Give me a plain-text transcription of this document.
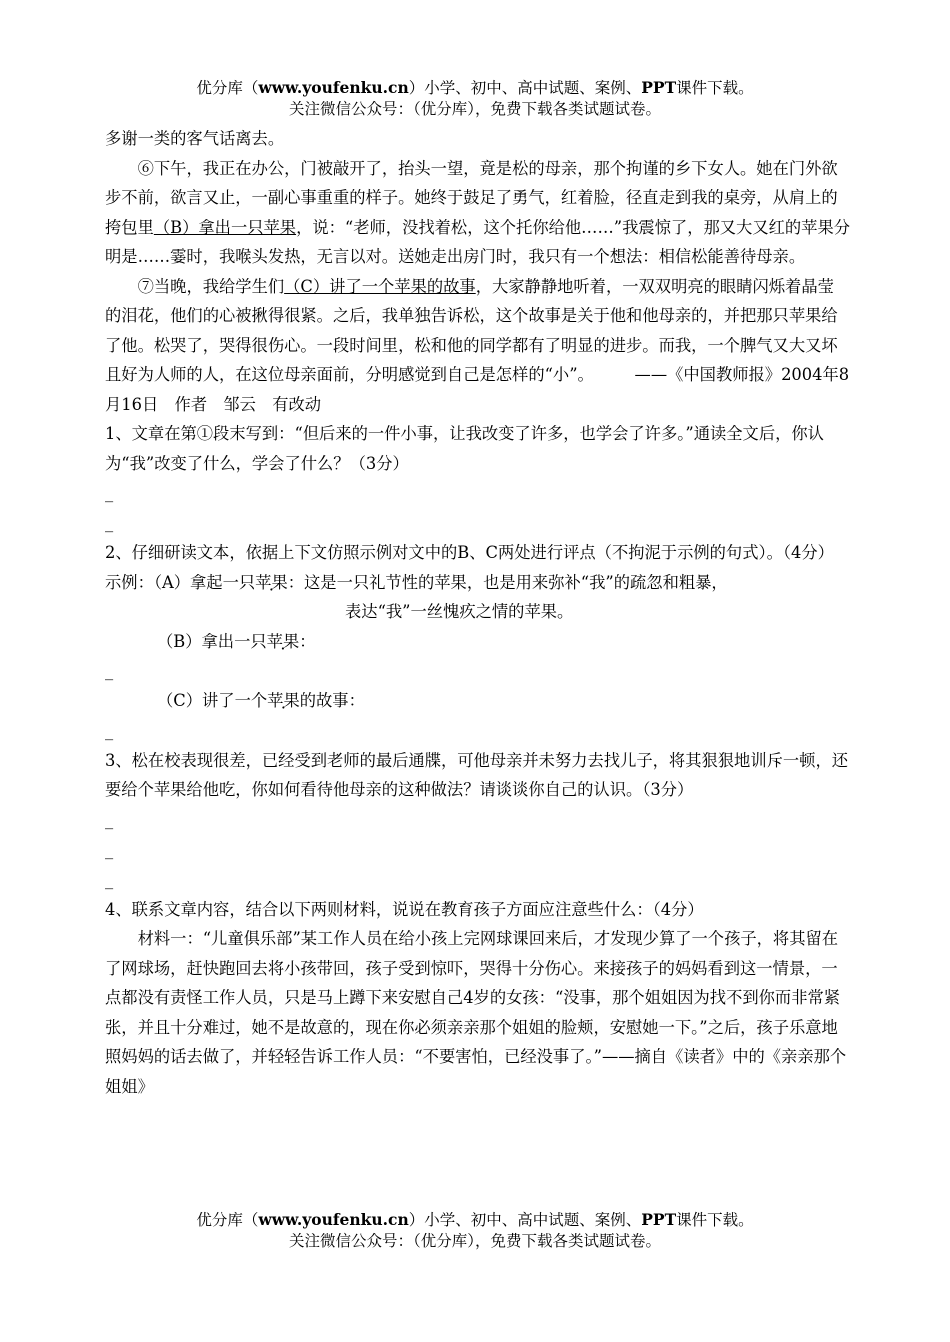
优分库（www.youfenku.cn）小学、初中、高中试题、案例、PPT课件下载。
关注微信公众号：（优分库），免费下载各类试题试卷。

多谢一类的客气话离去。

⑥下午，我正在办公，门被敲开了，抬头一望，竟是松的母亲，那个拘谨的乡下女人。她在门外欲步不前，欲言又止，一副心事重重的样子。她终于鼓足了勇气，红着脸，径直走到我的桌旁，从肩上的挎包里（B）拿出一只苹果，说：“老师，没找着松，这个托你给他……”我震惊了，那又大又红的苹果分明是……霎时，我喉头发热，无言以对。送她走出房门时，我只有一个想法：相信松能善待母亲。

⑦当晚，我给学生们（C）讲了一个苹果的故事，大家静静地听着，一双双明亮的眼睛闪烁着晶莹的泪花，他们的心被揪得很紧。之后，我单独告诉松，这个故事是关于他和他母亲的，并把那只苹果给了他。松哭了，哭得很伤心。一段时间里，松和他的同学都有了明显的进步。而我，一个脾气又大又坏且好为人师的人，在这位母亲面前，分明感觉到自己是怎样的“小”。　　　	——《中国教师报》2004年8月16日　作者　邹云　有改动

1、文章在第①段末写到：“但后来的一件小事，让我改变了许多，也学会了许多。”通读全文后，你认为“我”改变了什么，学会了什么？（3分）

_
_

2、仔细研读文本，依据上下文仿照示例对文中的B、C两处进行评点（不拘泥于示例的句式）。（4分）

示例：（A）拿起一只苹果 ·：这是一只礼节性的苹果，也是用来弥补“我”的疏忽和粗暴，

表达“我”一丝愧疚之情的苹果。

（B）拿出一只苹果 ·：

_

（C）讲了一个苹果 ·的故事：

_

3、松在校表现很差，已经受到老师的最后通牒，可他母亲并未努力去找儿子，将其狠狠地训斥一顿，还要给个苹果给他吃，你如何看待他母亲的这种做法？请谈谈你自己的认识。（3分）

_
_
_

4、联系文章内容，结合以下两则材料，说说在教育孩子方面应注意些什么：（4分）

材料一：“儿童俱乐部”某工作人员在给小孩上完网球课回来后，才发现少算了一个孩子，将其留在了网球场，赶快跑回去将小孩带回，孩子受到惊吓，哭得十分伤心。来接孩子的妈妈看到这一情景，一点都没有责怪工作人员，只是马上蹲下来安慰自己4岁的女孩：“没事，那个姐姐因为找不到你而非常紧张，并且十分难过，她不是故意的，现在你必须亲亲那个姐姐的脸颊，安慰她一下。”之后，孩子乐意地照妈妈的话去做了，并轻轻告诉工作人员：“不要害怕，已经没事了。”——摘自《读者》中的《亲亲那个姐姐》

优分库（www.youfenku.cn）小学、初中、高中试题、案例、PPT课件下载。
关注微信公众号：（优分库），免费下载各类试题试卷。
